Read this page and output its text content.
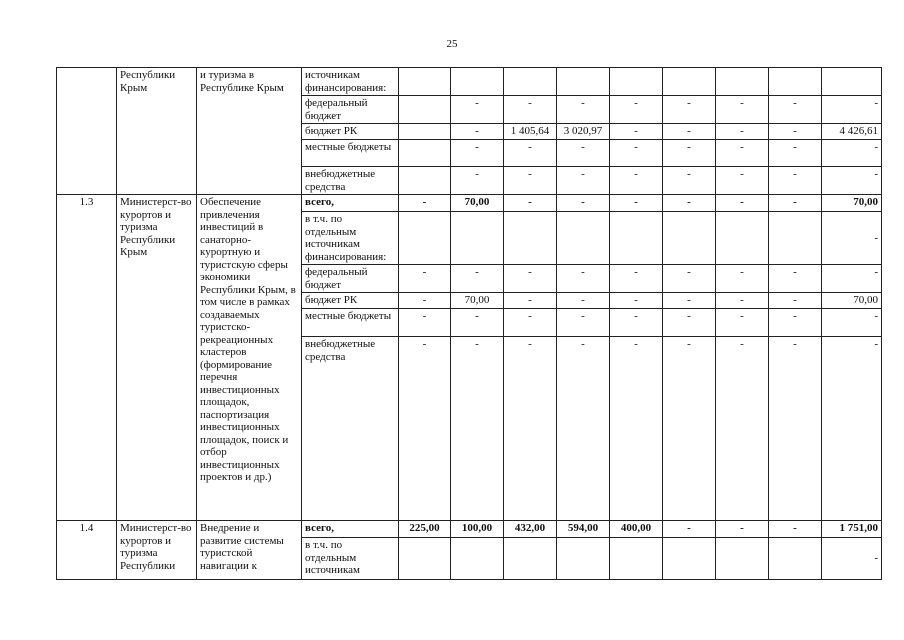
25
	Республики Крым	и туризма в Республике Крым	источникам финансирования:									
			федеральный бюджет		-	-	-	-	-	-	-	-
			бюджет РК		-	1 405,64	3 020,97	-	-	-	-	4 426,61
			местные бюджеты		-	-	-	-	-	-	-	-
			внебюджетные средства		-	-	-	-	-	-	-	-
1.3	Министерст-во курортов и туризма Республики Крым	Обеспечение привлечения инвестиций в санаторно-курортную и туристскую сферы экономики Республики Крым, в том числе в рамках создаваемых туристско-рекреационных кластеров (формирование перечня инвестиционных площадок, паспортизация инвестиционных площадок, поиск и отбор инвестиционных проектов и др.)	всего,	-	70,00	-	-	-	-	-	-	70,00
			в т.ч. по отдельным источникам финансирования:									-
			федеральный бюджет	-	-	-	-	-	-	-	-	-
			бюджет РК	-	70,00	-	-	-	-	-	-	70,00
			местные бюджеты	-	-	-	-	-	-	-	-	-
			внебюджетные средства	-	-	-	-	-	-	-	-	-
1.4	Министерст-во курортов и туризма Республики	Внедрение и развитие системы туристской навигации к	всего,	225,00	100,00	432,00	594,00	400,00	-	-	-	1 751,00
			в т.ч. по отдельным источникам									-
